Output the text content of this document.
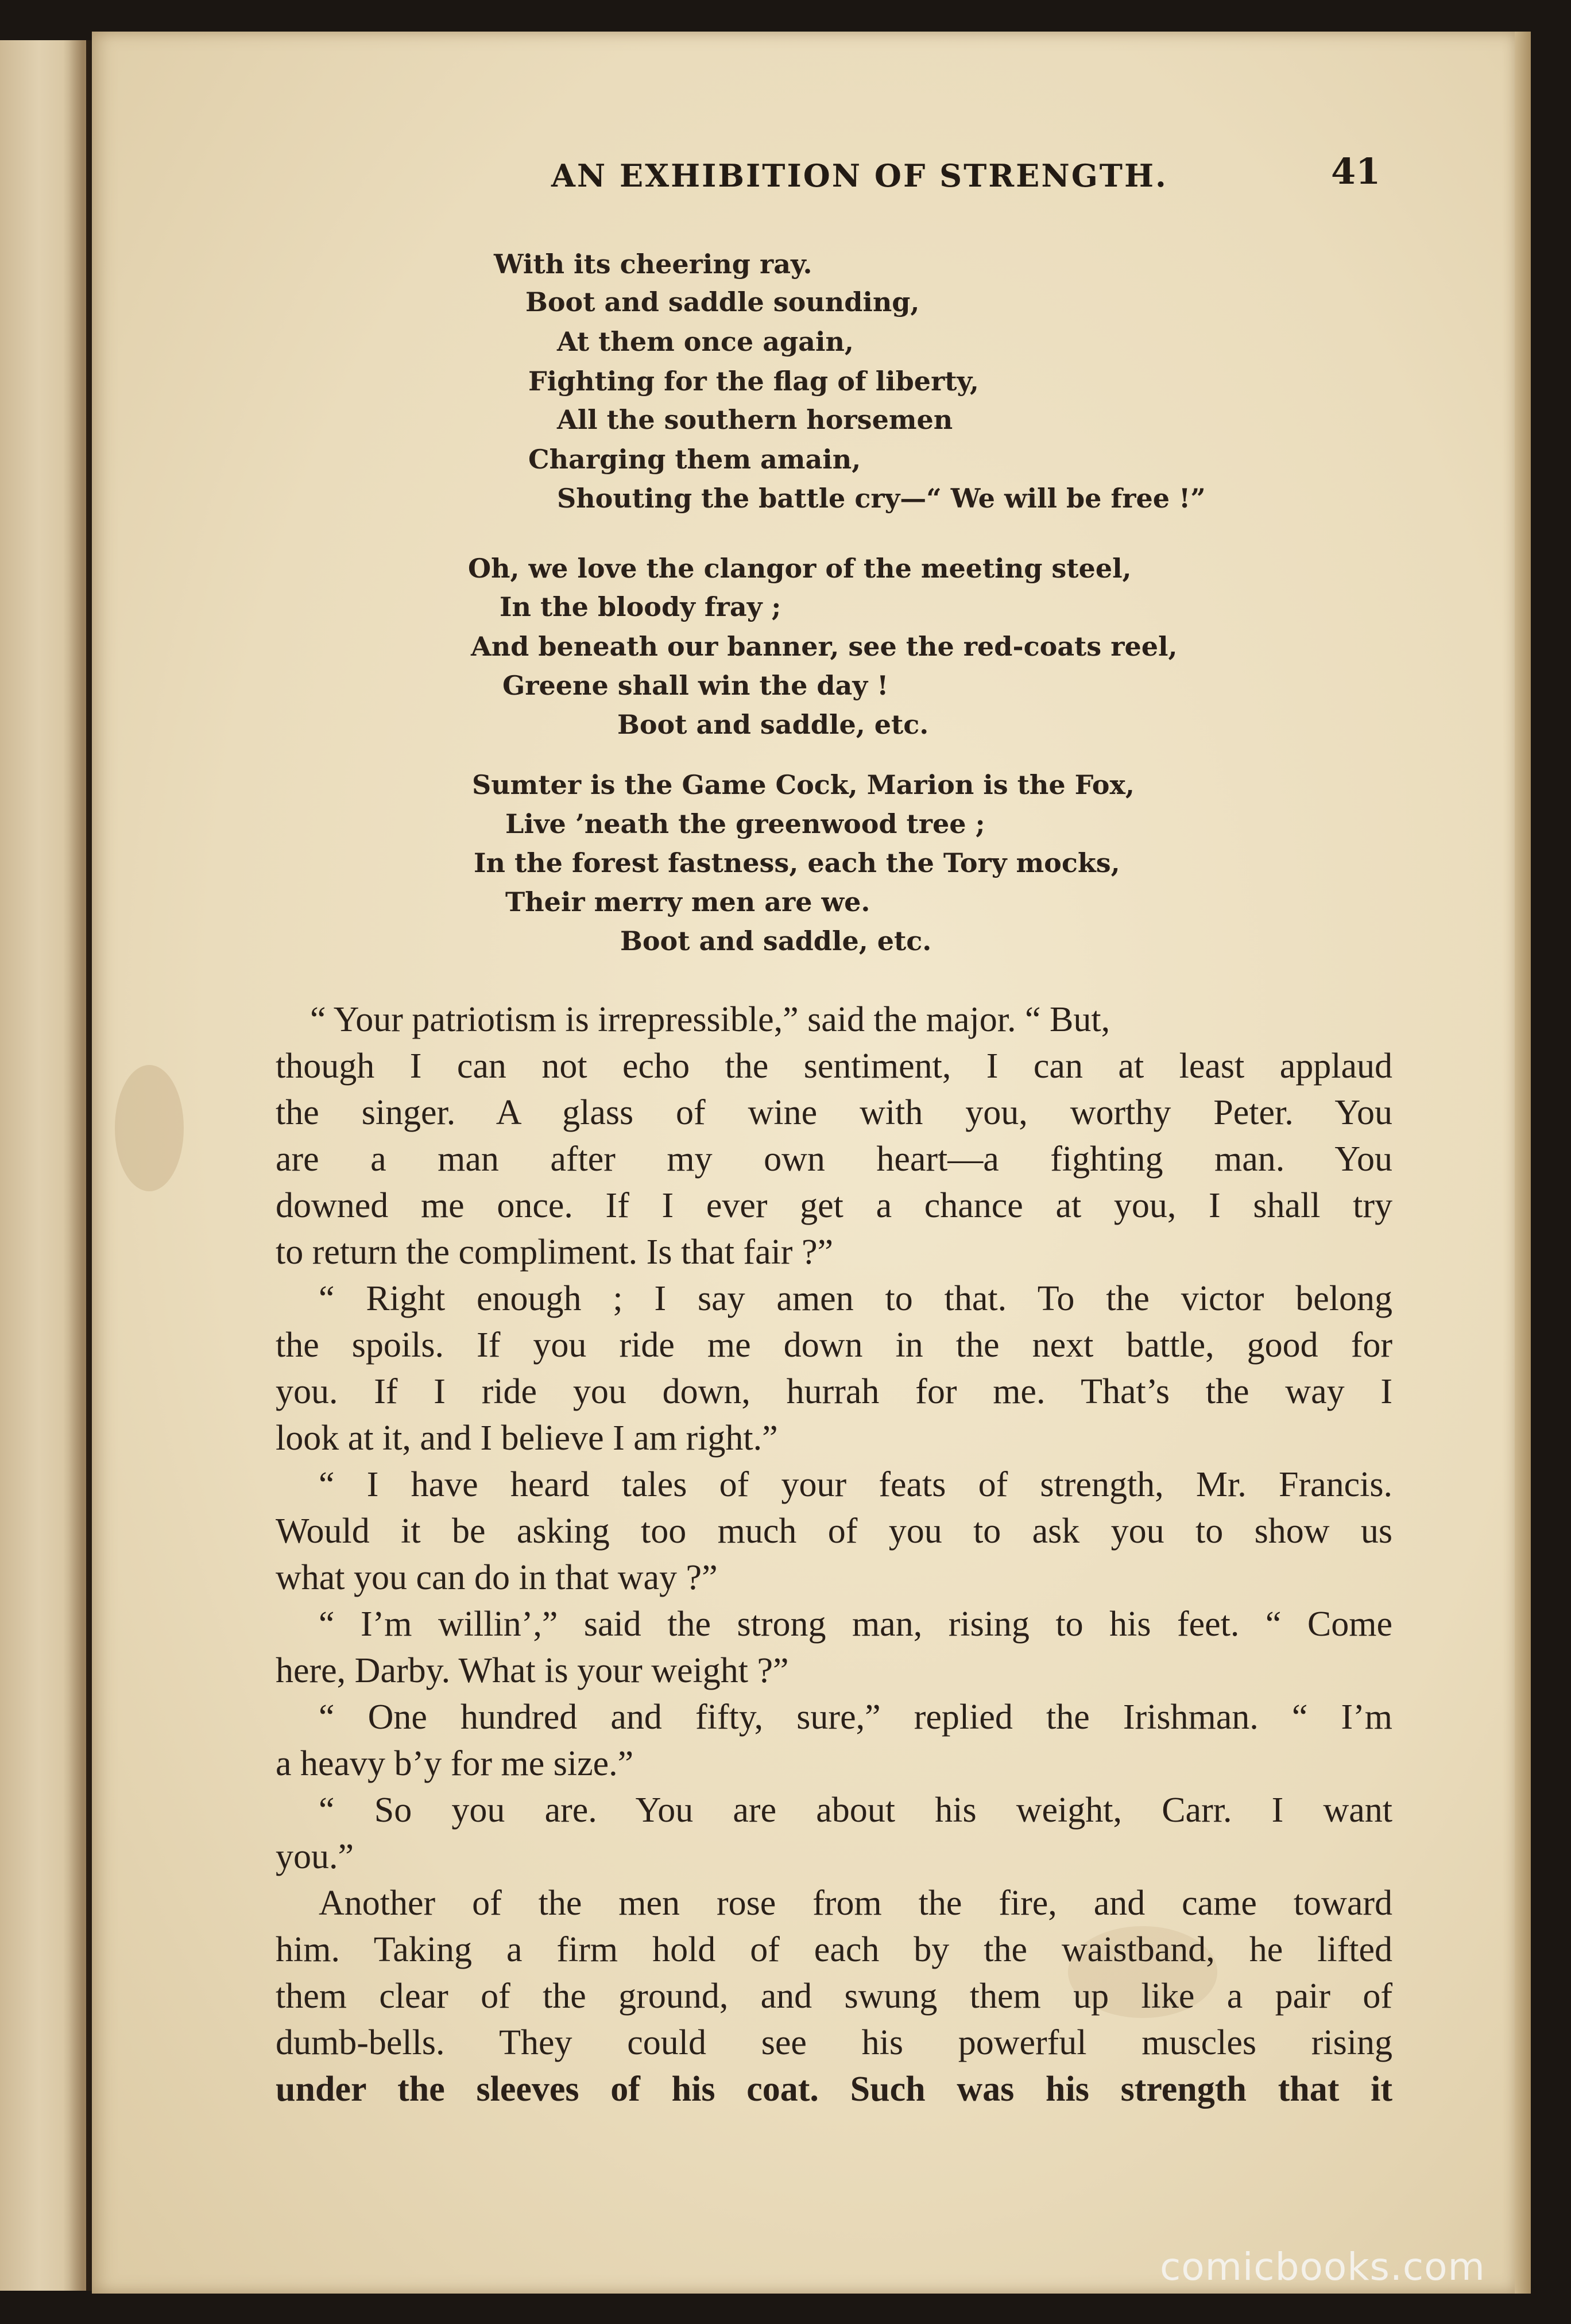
AN EXHIBITION OF STRENGTH.	41
With its cheering ray.
Boot and saddle sounding,
At them once again,
Fighting for the flag of liberty,
All the southern horsemen
Charging them amain,
Shouting the battle cry—“ We will be free !”
Oh, we love the clangor of the meeting steel,
In the bloody fray ;
And beneath our banner, see the red-coats reel,
Greene shall win the day !
Boot and saddle, etc.
Sumter is the Game Cock, Marion is the Fox,
Live ’neath the greenwood tree ;
In the forest fastness, each the Tory mocks,
Their merry men are we.
Boot and saddle, etc.
“ Your patriotism is irrepressible,” said the major. “ But,
though I can not echo the sentiment, I can at least applaud
the singer. A glass of wine with you, worthy Peter. You
are a man after my own heart—a fighting man. You
downed me once. If I ever get a chance at you, I shall try
to return the compliment. Is that fair ?”
“ Right enough ; I say amen to that. To the victor belong
the spoils. If you ride me down in the next battle, good for
you. If I ride you down, hurrah for me. That’s the way I
look at it, and I believe I am right.”
“ I have heard tales of your feats of strength, Mr. Francis.
Would it be asking too much of you to ask you to show us
what you can do in that way ?”
“ I’m willin’,” said the strong man, rising to his feet. “ Come
here, Darby. What is your weight ?”
“ One hundred and fifty, sure,” replied the Irishman. “ I’m
a heavy b’y for me size.”
“ So you are. You are about his weight, Carr. I want
you.”
Another of the men rose from the fire, and came toward
him. Taking a firm hold of each by the waistband, he lifted
them clear of the ground, and swung them up like a pair of
dumb-bells. They could see his powerful muscles rising
under the sleeves of his coat. Such was his strength that it
comicbooks.com
